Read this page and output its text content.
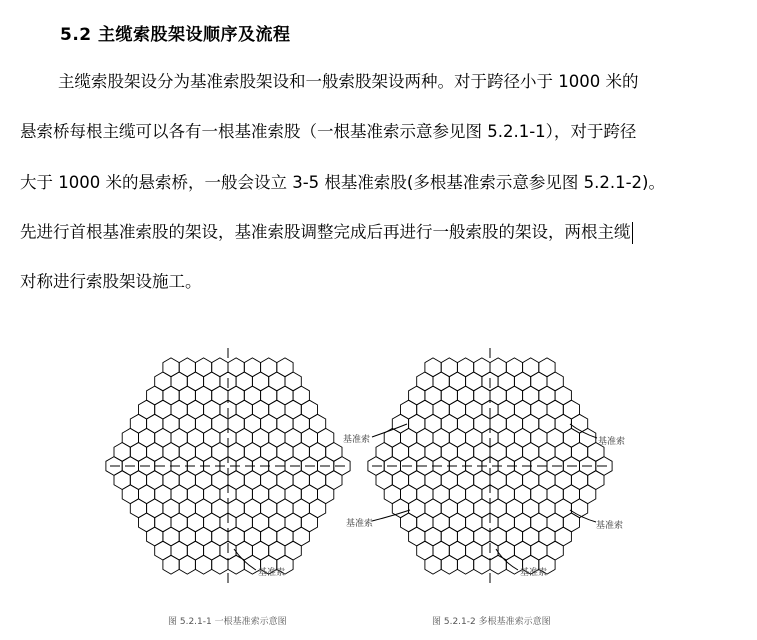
5.2 主缆索股架设顺序及流程
主缆索股架设分为基准索股架设和一般索股架设两种。对于跨径小于 1000 米的
悬索桥每根主缆可以各有一根基准索股（一根基准索示意参见图 5.2.1-1），对于跨径
大于 1000 米的悬索桥，一般会设立 3-5 根基准索股(多根基准索示意参见图 5.2.1-2)。
先进行首根基准索股的架设，基准索股调整完成后再进行一般索股的架设，两根主缆
对称进行索股架设施工。
基准索
图 5.2.1-1 一根基准索示意图
基准索
基准索
基准索
基准索
基准索
图 5.2.1-2 多根基准索示意图
